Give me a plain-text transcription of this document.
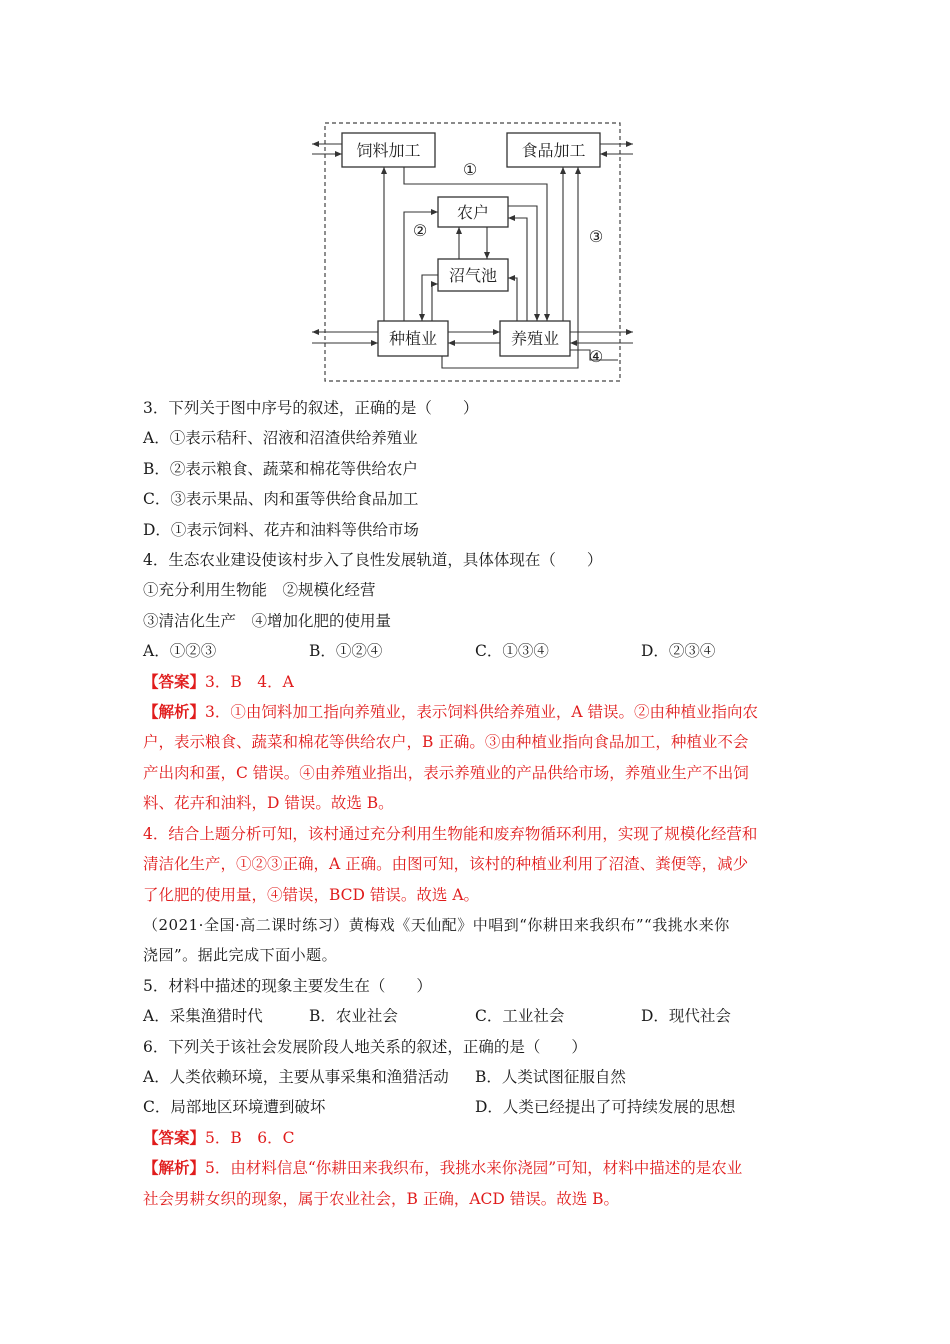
饲料加工	食品加工
农户
沼气池
种植业	养殖业
①
②	③
④
3．下列关于图中序号的叙述，正确的是（　　）
A．①表示秸秆、沼液和沼渣供给养殖业
B．②表示粮食、蔬菜和棉花等供给农户
C．③表示果品、肉和蛋等供给食品加工
D．①表示饲料、花卉和油料等供给市场
4．生态农业建设使该村步入了良性发展轨道，具体体现在（　　）
①充分利用生物能　②规模化经营
③清洁化生产　④增加化肥的使用量
A．①②③	B．①②④	C．①③④	D．②③④
【答案】3．B　4．A
【解析】3．①由饲料加工指向养殖业，表示饲料供给养殖业，A 错误。②由种植业指向农
户，表示粮食、蔬菜和棉花等供给农户，B 正确。③由种植业指向食品加工，种植业不会
产出肉和蛋，C 错误。④由养殖业指出，表示养殖业的产品供给市场，养殖业生产不出饲
料、花卉和油料，D 错误。故选 B。
4．结合上题分析可知，该村通过充分利用生物能和废弃物循环利用，实现了规模化经营和
清洁化生产，①②③正确，A 正确。由图可知，该村的种植业利用了沼渣、粪便等，减少
了化肥的使用量，④错误，BCD 错误。故选 A。
（2021·全国·高二课时练习）黄梅戏《天仙配》中唱到“你耕田来我织布”“我挑水来你
浇园”。据此完成下面小题。
5．材料中描述的现象主要发生在（　　）
A．采集渔猎时代	B．农业社会	C．工业社会	D．现代社会
6．下列关于该社会发展阶段人地关系的叙述，正确的是（　　）
A．人类依赖环境，主要从事采集和渔猎活动	B．人类试图征服自然
C．局部地区环境遭到破坏	D．人类已经提出了可持续发展的思想
【答案】5．B　6．C
【解析】5．由材料信息“你耕田来我织布，我挑水来你浇园”可知，材料中描述的是农业
社会男耕女织的现象，属于农业社会，B 正确，ACD 错误。故选 B。
